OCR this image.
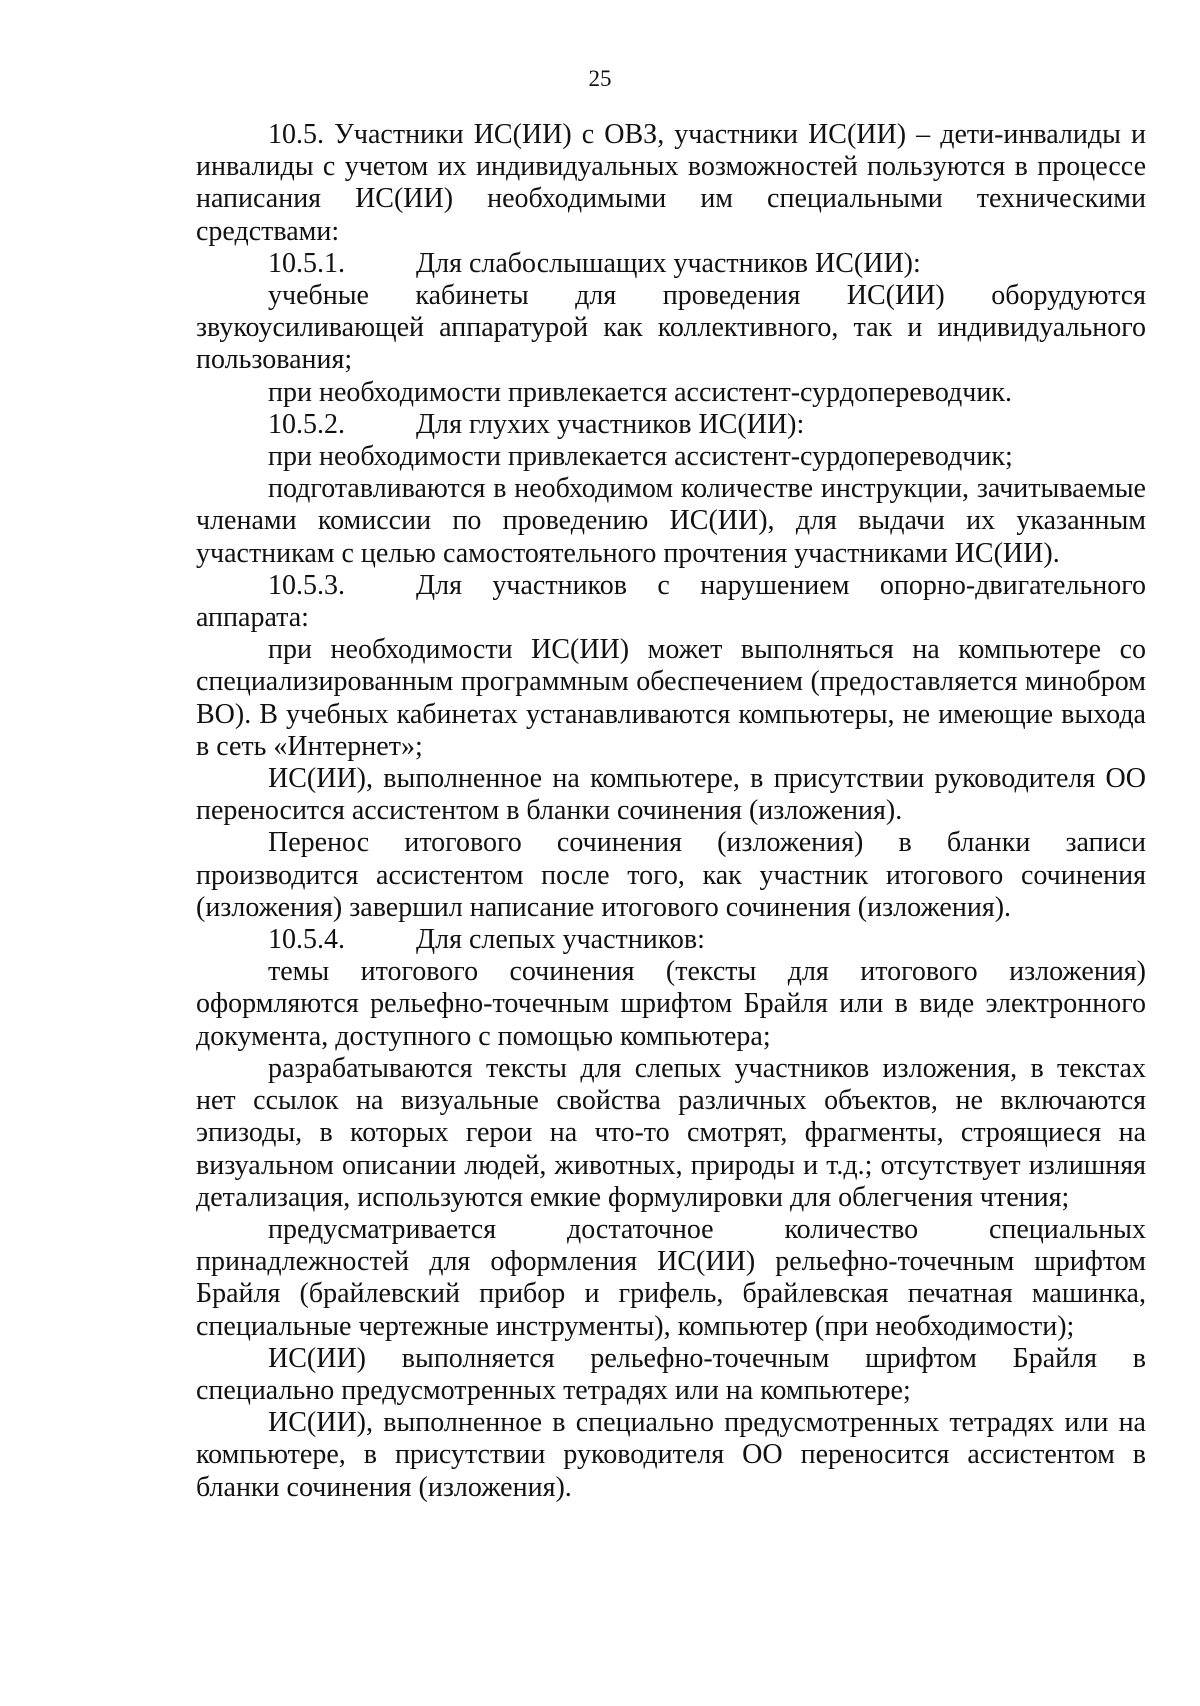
25

10.5. Участники ИС(ИИ) с ОВЗ, участники ИС(ИИ) – дети-инвалиды и инвалиды с учетом их индивидуальных возможностей пользуются в процессе написания ИС(ИИ) необходимыми им специальными техническими средствами:

10.5.1.	Для слабослышащих участников ИС(ИИ):

учебные кабинеты для проведения ИС(ИИ) оборудуются звукоусиливающей аппаратурой как коллективного, так и индивидуального пользования;

при необходимости привлекается ассистент-сурдопереводчик.

10.5.2.	Для глухих участников ИС(ИИ):

при необходимости привлекается ассистент-сурдопереводчик;

подготавливаются в необходимом количестве инструкции, зачитываемые членами комиссии по проведению ИС(ИИ), для выдачи их указанным участникам с целью самостоятельного прочтения участниками ИС(ИИ).

10.5.3.	Для участников с нарушением опорно-двигательного аппарата:

при необходимости ИС(ИИ) может выполняться на компьютере со специализированным программным обеспечением (предоставляется минобром ВО). В учебных кабинетах устанавливаются компьютеры, не имеющие выхода в сеть «Интернет»;

ИС(ИИ), выполненное на компьютере, в присутствии руководителя ОО переносится ассистентом в бланки сочинения (изложения).

Перенос итогового сочинения (изложения) в бланки записи производится ассистентом после того, как участник итогового сочинения (изложения) завершил написание итогового сочинения (изложения).

10.5.4.	Для слепых участников:

темы итогового сочинения (тексты для итогового изложения) оформляются рельефно-точечным шрифтом Брайля или в виде электронного документа, доступного с помощью компьютера;

разрабатываются тексты для слепых участников изложения, в текстах нет ссылок на визуальные свойства различных объектов, не включаются эпизоды, в которых герои на что-то смотрят, фрагменты, строящиеся на визуальном описании людей, животных, природы и т.д.; отсутствует излишняя детализация, используются емкие формулировки для облегчения чтения;

предусматривается достаточное количество специальных принадлежностей для оформления ИС(ИИ) рельефно-точечным шрифтом Брайля (брайлевский прибор и грифель, брайлевская печатная машинка, специальные чертежные инструменты), компьютер (при необходимости);

ИС(ИИ) выполняется рельефно-точечным шрифтом Брайля в специально предусмотренных тетрадях или на компьютере;

ИС(ИИ), выполненное в специально предусмотренных тетрадях или на компьютере, в присутствии руководителя ОО переносится ассистентом в бланки сочинения (изложения).
